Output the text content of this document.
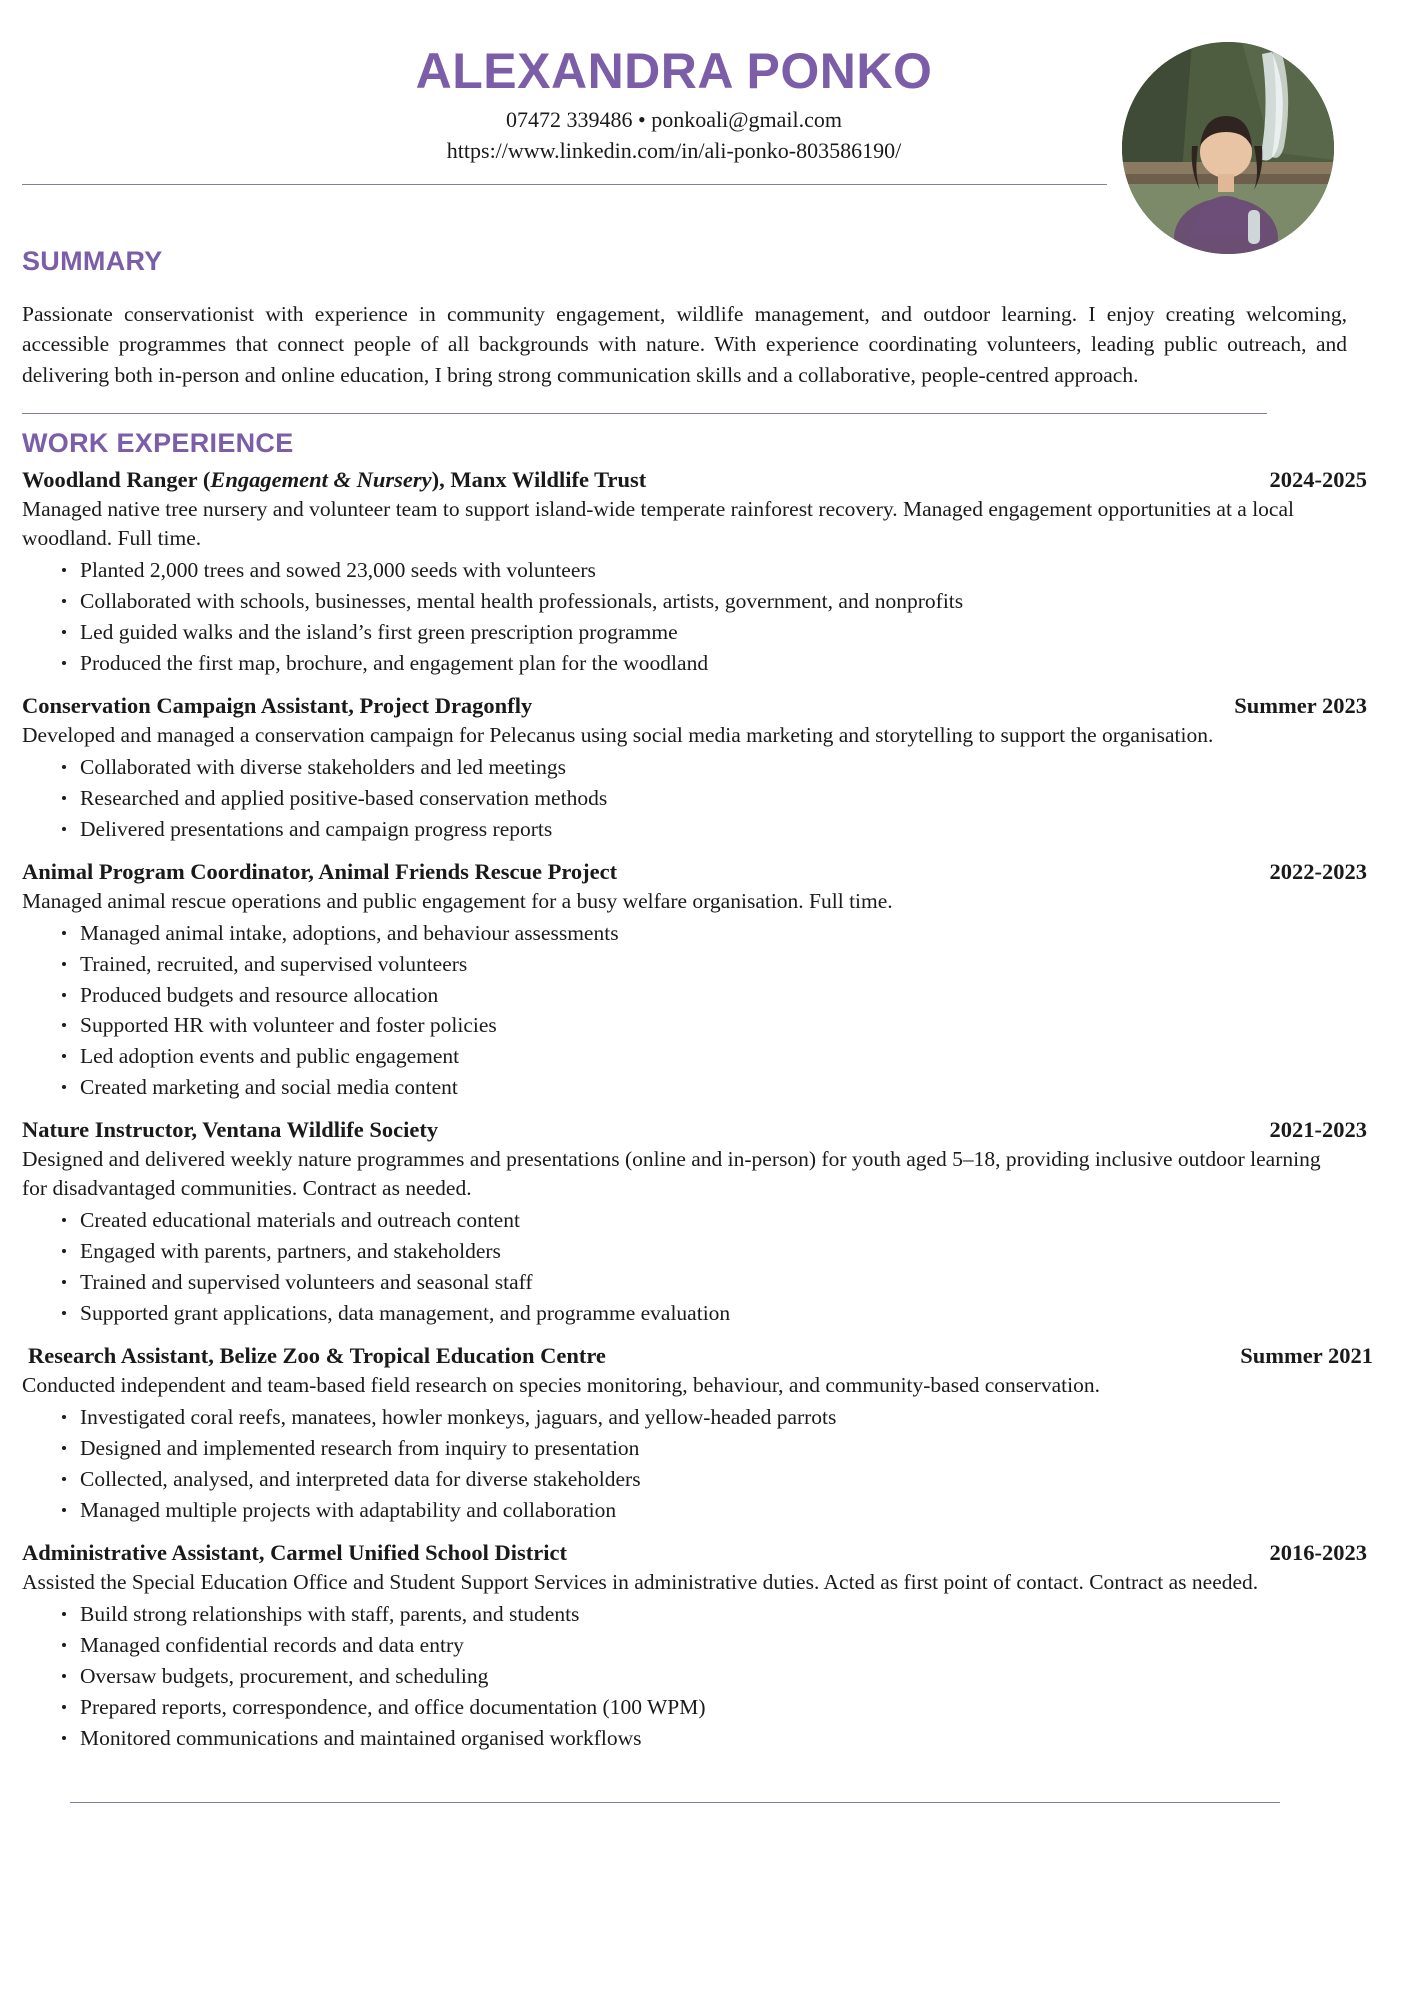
ALEXANDRA PONKO
07472 339486 • ponkoali@gmail.com
https://www.linkedin.com/in/ali-ponko-803586190/
SUMMARY

Passionate conservationist with experience in community engagement, wildlife management, and outdoor learning. I enjoy creating welcoming, accessible programmes that connect people of all backgrounds with nature. With experience coordinating volunteers, leading public outreach, and delivering both in-person and online education, I bring strong communication skills and a collaborative, people-centred approach.

WORK EXPERIENCE
Woodland Ranger (Engagement & Nursery), Manx Wildlife Trust	2024-2025
Managed native tree nursery and volunteer team to support island-wide temperate rainforest recovery. Managed engagement opportunities at a local woodland. Full time.
Planted 2,000 trees and sowed 23,000 seeds with volunteers
Collaborated with schools, businesses, mental health professionals, artists, government, and nonprofits
Led guided walks and the island’s first green prescription programme
Produced the first map, brochure, and engagement plan for the woodland
Conservation Campaign Assistant, Project Dragonfly	Summer 2023
Developed and managed a conservation campaign for Pelecanus using social media marketing and storytelling to support the organisation.
Collaborated with diverse stakeholders and led meetings
Researched and applied positive-based conservation methods
Delivered presentations and campaign progress reports
Animal Program Coordinator, Animal Friends Rescue Project	2022-2023
Managed animal rescue operations and public engagement for a busy welfare organisation. Full time.
Managed animal intake, adoptions, and behaviour assessments
Trained, recruited, and supervised volunteers
Produced budgets and resource allocation
Supported HR with volunteer and foster policies
Led adoption events and public engagement
Created marketing and social media content
Nature Instructor, Ventana Wildlife Society	2021-2023
Designed and delivered weekly nature programmes and presentations (online and in-person) for youth aged 5–18, providing inclusive outdoor learning for disadvantaged communities. Contract as needed.
Created educational materials and outreach content
Engaged with parents, partners, and stakeholders
Trained and supervised volunteers and seasonal staff
Supported grant applications, data management, and programme evaluation
Research Assistant, Belize Zoo & Tropical Education Centre	Summer 2021
Conducted independent and team-based field research on species monitoring, behaviour, and community-based conservation.
Investigated coral reefs, manatees, howler monkeys, jaguars, and yellow-headed parrots
Designed and implemented research from inquiry to presentation
Collected, analysed, and interpreted data for diverse stakeholders
Managed multiple projects with adaptability and collaboration
Administrative Assistant, Carmel Unified School District	2016-2023
Assisted the Special Education Office and Student Support Services in administrative duties. Acted as first point of contact. Contract as needed.
Build strong relationships with staff, parents, and students
Managed confidential records and data entry
Oversaw budgets, procurement, and scheduling
Prepared reports, correspondence, and office documentation (100 WPM)
Monitored communications and maintained organised workflows
